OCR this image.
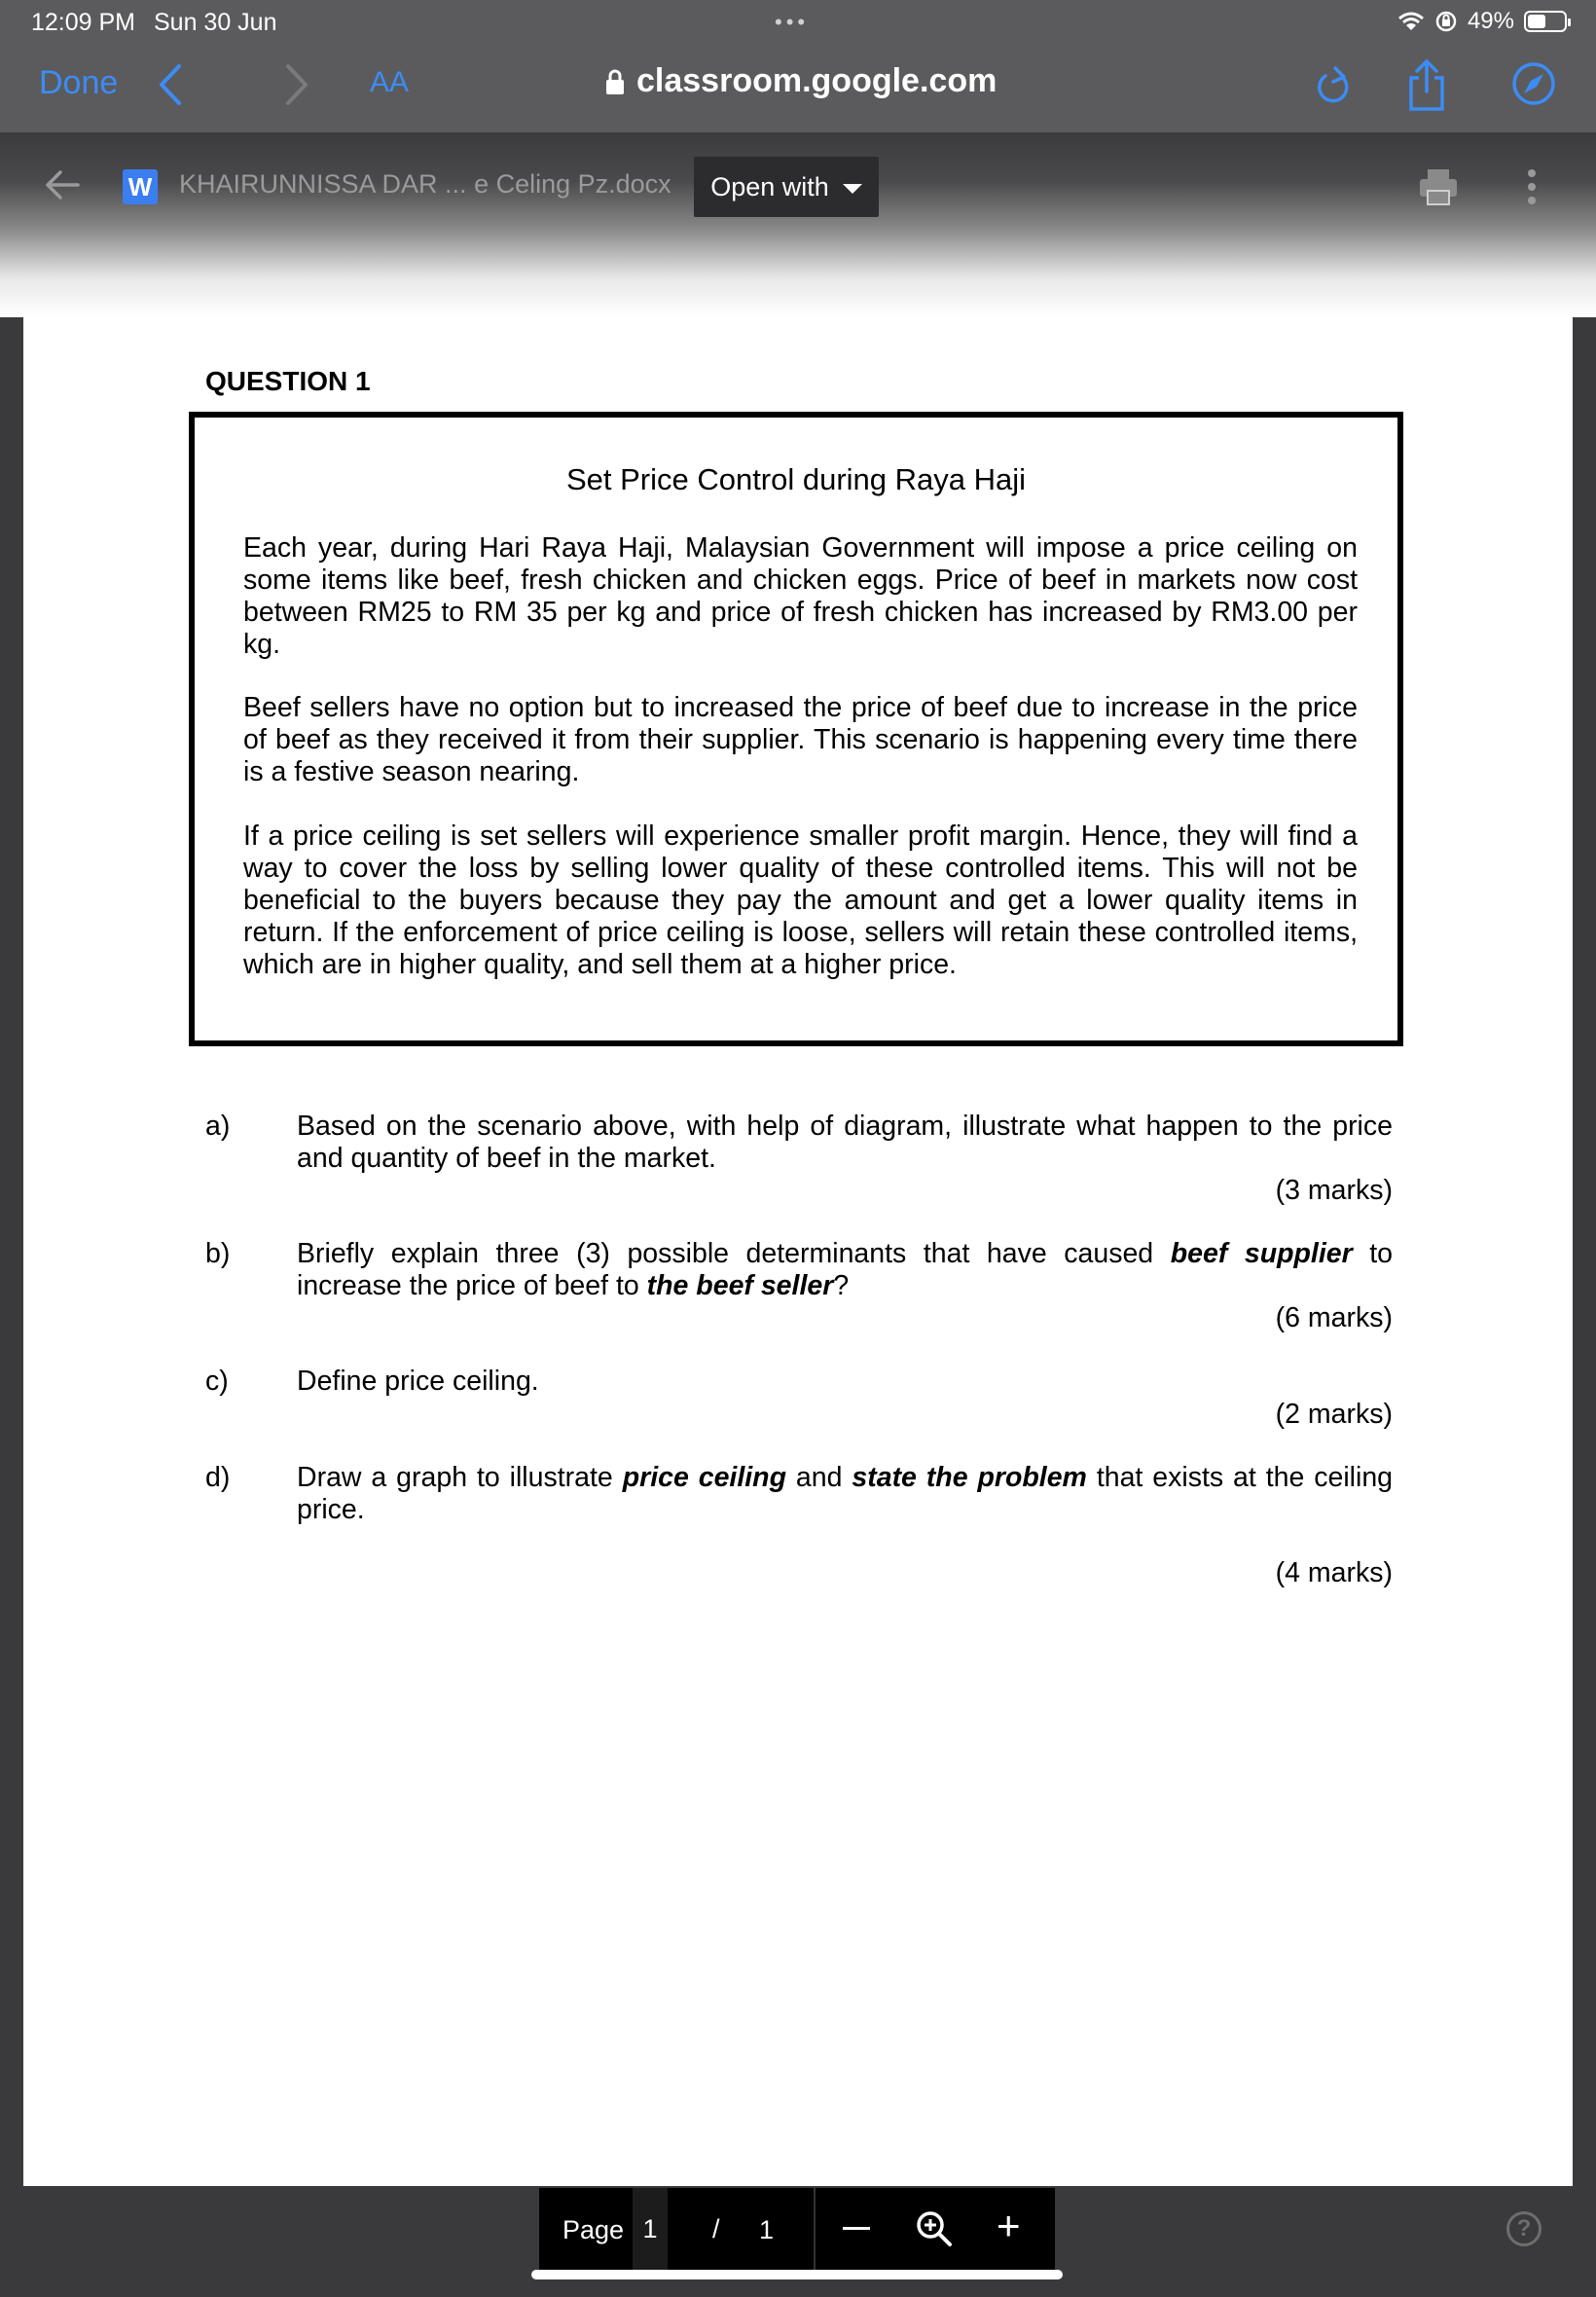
12:09 PM Sun 30 Jun	•••	49%
Done	AA	classroom.google.com
W KHAIRUNNISSA DAR ... e Celing Pz.docx Open with
QUESTION 1
Set Price Control during Raya Haji

Each year, during Hari Raya Haji, Malaysian Government will impose a price ceiling on some items like beef, fresh chicken and chicken eggs. Price of beef in markets now cost between RM25 to RM 35 per kg and price of fresh chicken has increased by RM3.00 per kg.

Beef sellers have no option but to increased the price of beef due to increase in the price of beef as they received it from their supplier. This scenario is happening every time there is a festive season nearing.

If a price ceiling is set sellers will experience smaller profit margin. Hence, they will find a way to cover the loss by selling lower quality of these controlled items. This will not be beneficial to the buyers because they pay the amount and get a lower quality items in return. If the enforcement of price ceiling is loose, sellers will retain these controlled items, which are in higher quality, and sell them at a higher price.

a) Based on the scenario above, with help of diagram, illustrate what happen to the price and quantity of beef in the market.

(3 marks)
b) Briefly explain three (3) possible determinants that have caused beef supplier to increase the price of beef to the beef seller?

(6 marks)
c) Define price ceiling.

(2 marks)
d) Draw a graph to illustrate price ceiling and state the problem that exists at the ceiling price.

(4 marks)
Page 1 / 1	+	?
